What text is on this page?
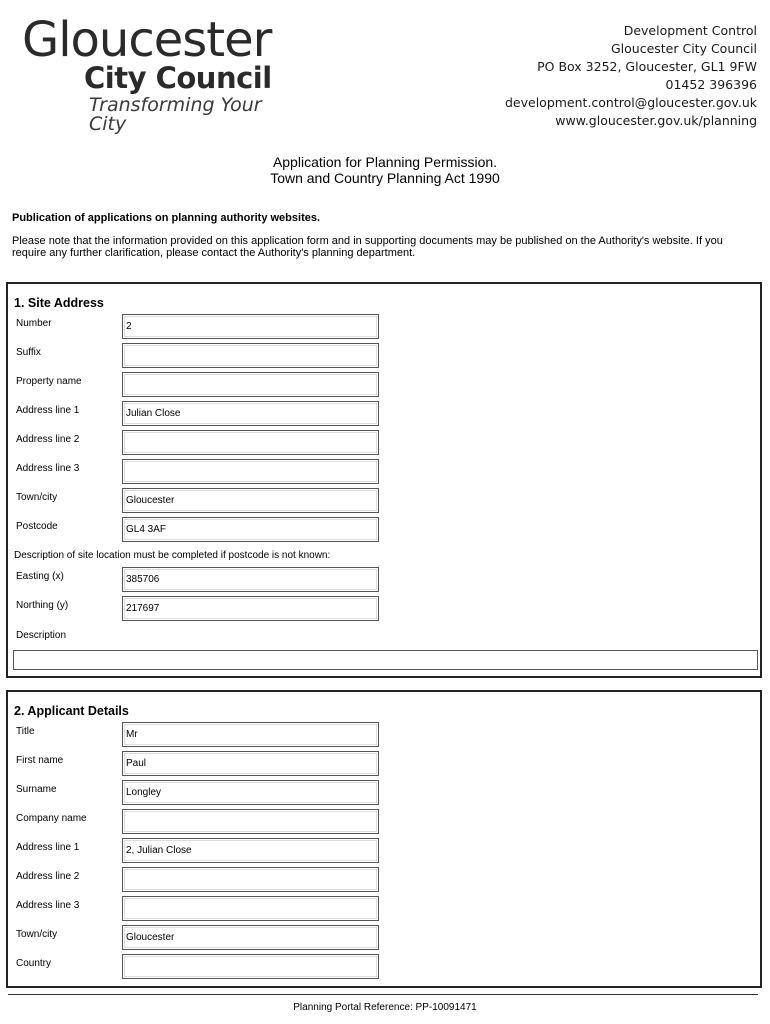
Gloucester
City Council
Transforming Your City
Development Control
Gloucester City Council
PO Box 3252, Gloucester, GL1 9FW
01452 396396
development.control@gloucester.gov.uk
www.gloucester.gov.uk/planning
Application for Planning Permission.
Town and Country Planning Act 1990
Publication of applications on planning authority websites.
Please note that the information provided on this application form and in supporting documents may be published on the Authority's website. If you require any further clarification, please contact the Authority's planning department.
1. Site Address
Number	2
Suffix
Property name
Address line 1	Julian Close
Address line 2
Address line 3
Town/city	Gloucester
Postcode	GL4 3AF
Description of site location must be completed if postcode is not known:
Easting (x)	385706
Northing (y)	217697
Description
2. Applicant Details
Title	Mr
First name	Paul
Surname	Longley
Company name
Address line 1	2, Julian Close
Address line 2
Address line 3
Town/city	Gloucester
Country
Planning Portal Reference: PP-10091471
